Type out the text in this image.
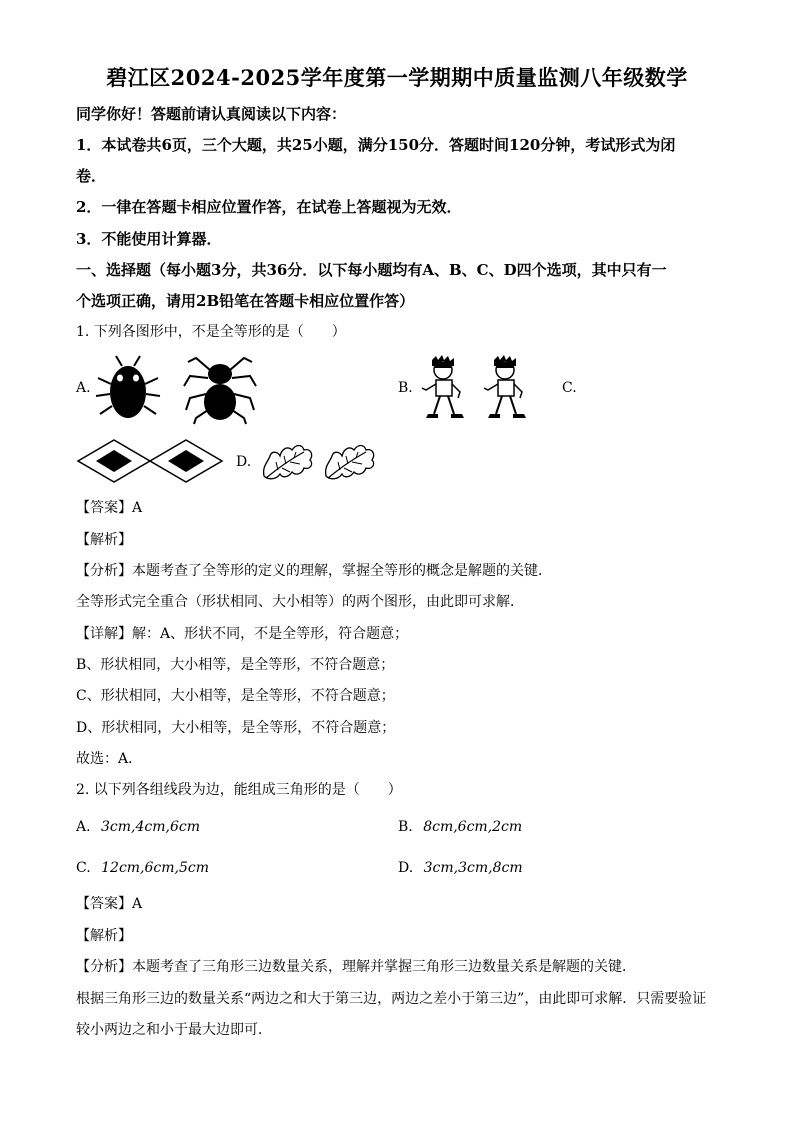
碧江区2024-2025学年度第一学期期中质量监测八年级数学
同学你好！答题前请认真阅读以下内容：
1．本试卷共6页，三个大题，共25小题，满分150分．答题时间120分钟，考试形式为闭
卷．
2．一律在答题卡相应位置作答，在试卷上答题视为无效．
3．不能使用计算器．
一、选择题（每小题3分，共36分．以下每小题均有A、B、C、D四个选项，其中只有一
个选项正确，请用2B铅笔在答题卡相应位置作答）
1. 下列各图形中，不是全等形的是（　　）
A.	B.	C.
D.
【答案】A
【解析】
【分析】本题考查了全等形的定义的理解，掌握全等形的概念是解题的关键．
全等形式完全重合（形状相同、大小相等）的两个图形，由此即可求解．
【详解】解：A、形状不同，不是全等形，符合题意；
B、形状相同，大小相等，是全等形，不符合题意；
C、形状相同，大小相等，是全等形，不符合题意；
D、形状相同，大小相等，是全等形，不符合题意；
故选：A．
2. 以下列各组线段为边，能组成三角形的是（　　）
A. 3cm,4cm,6cm	B. 8cm,6cm,2cm
C. 12cm,6cm,5cm	D. 3cm,3cm,8cm
【答案】A
【解析】
【分析】本题考查了三角形三边数量关系，理解并掌握三角形三边数量关系是解题的关键．
根据三角形三边的数量关系“两边之和大于第三边，两边之差小于第三边”，由此即可求解．只需要验证
较小两边之和小于最大边即可．
